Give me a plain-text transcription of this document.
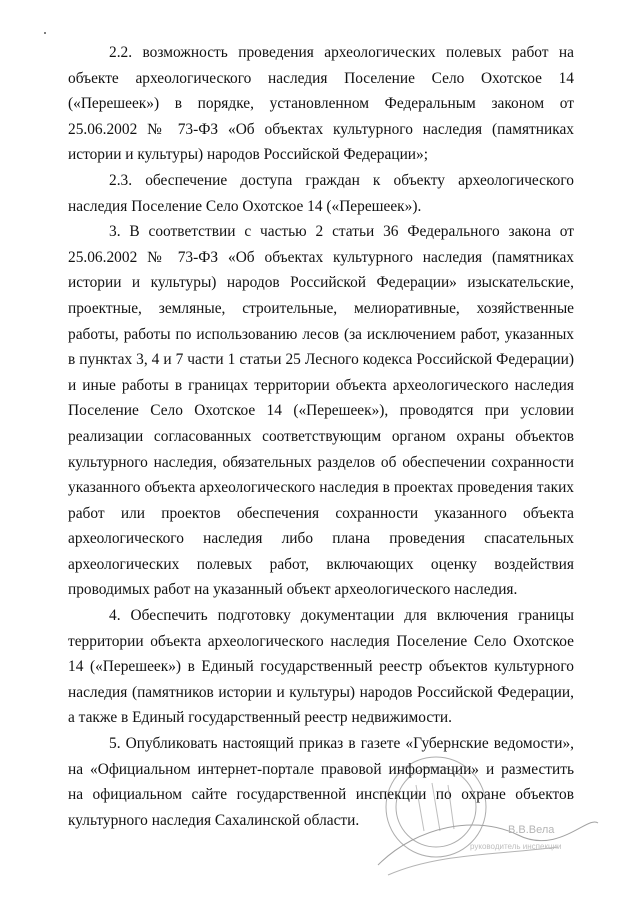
2.2. возможность проведения археологических полевых работ на объекте археологического наследия Поселение Село Охотское 14 («Перешеек») в порядке, установленном Федеральным законом от 25.06.2002 № 73-ФЗ «Об объектах культурного наследия (памятниках истории и культуры) народов Российской Федерации»;

2.3. обеспечение доступа граждан к объекту археологического наследия Поселение Село Охотское 14 («Перешеек»).

3. В соответствии с частью 2 статьи 36 Федерального закона от 25.06.2002 № 73-ФЗ «Об объектах культурного наследия (памятниках истории и культуры) народов Российской Федерации» изыскательские, проектные, земляные, строительные, мелиоративные, хозяйственные работы, работы по использованию лесов (за исключением работ, указанных в пунктах 3, 4 и 7 части 1 статьи 25 Лесного кодекса Российской Федерации) и иные работы в границах территории объекта археологического наследия Поселение Село Охотское 14 («Перешеек»), проводятся при условии реализации согласованных соответствующим органом охраны объектов культурного наследия, обязательных разделов об обеспечении сохранности указанного объекта археологического наследия в проектах проведения таких работ или проектов обеспечения сохранности указанного объекта археологического наследия либо плана проведения спасательных археологических полевых работ, включающих оценку воздействия проводимых работ на указанный объект археологического наследия.

4. Обеспечить подготовку документации для включения границы территории объекта археологического наследия Поселение Село Охотское 14 («Перешеек») в Единый государственный реестр объектов культурного наследия (памятников истории и культуры) народов Российской Федерации, а также в Единый государственный реестр недвижимости.

5. Опубликовать настоящий приказ в газете «Губернские ведомости», на «Официальном интернет-портале правовой информации» и разместить на официальном сайте государственной инспекции по охране объектов культурного наследия Сахалинской области.

В.В.Вела
руководитель инспекции
